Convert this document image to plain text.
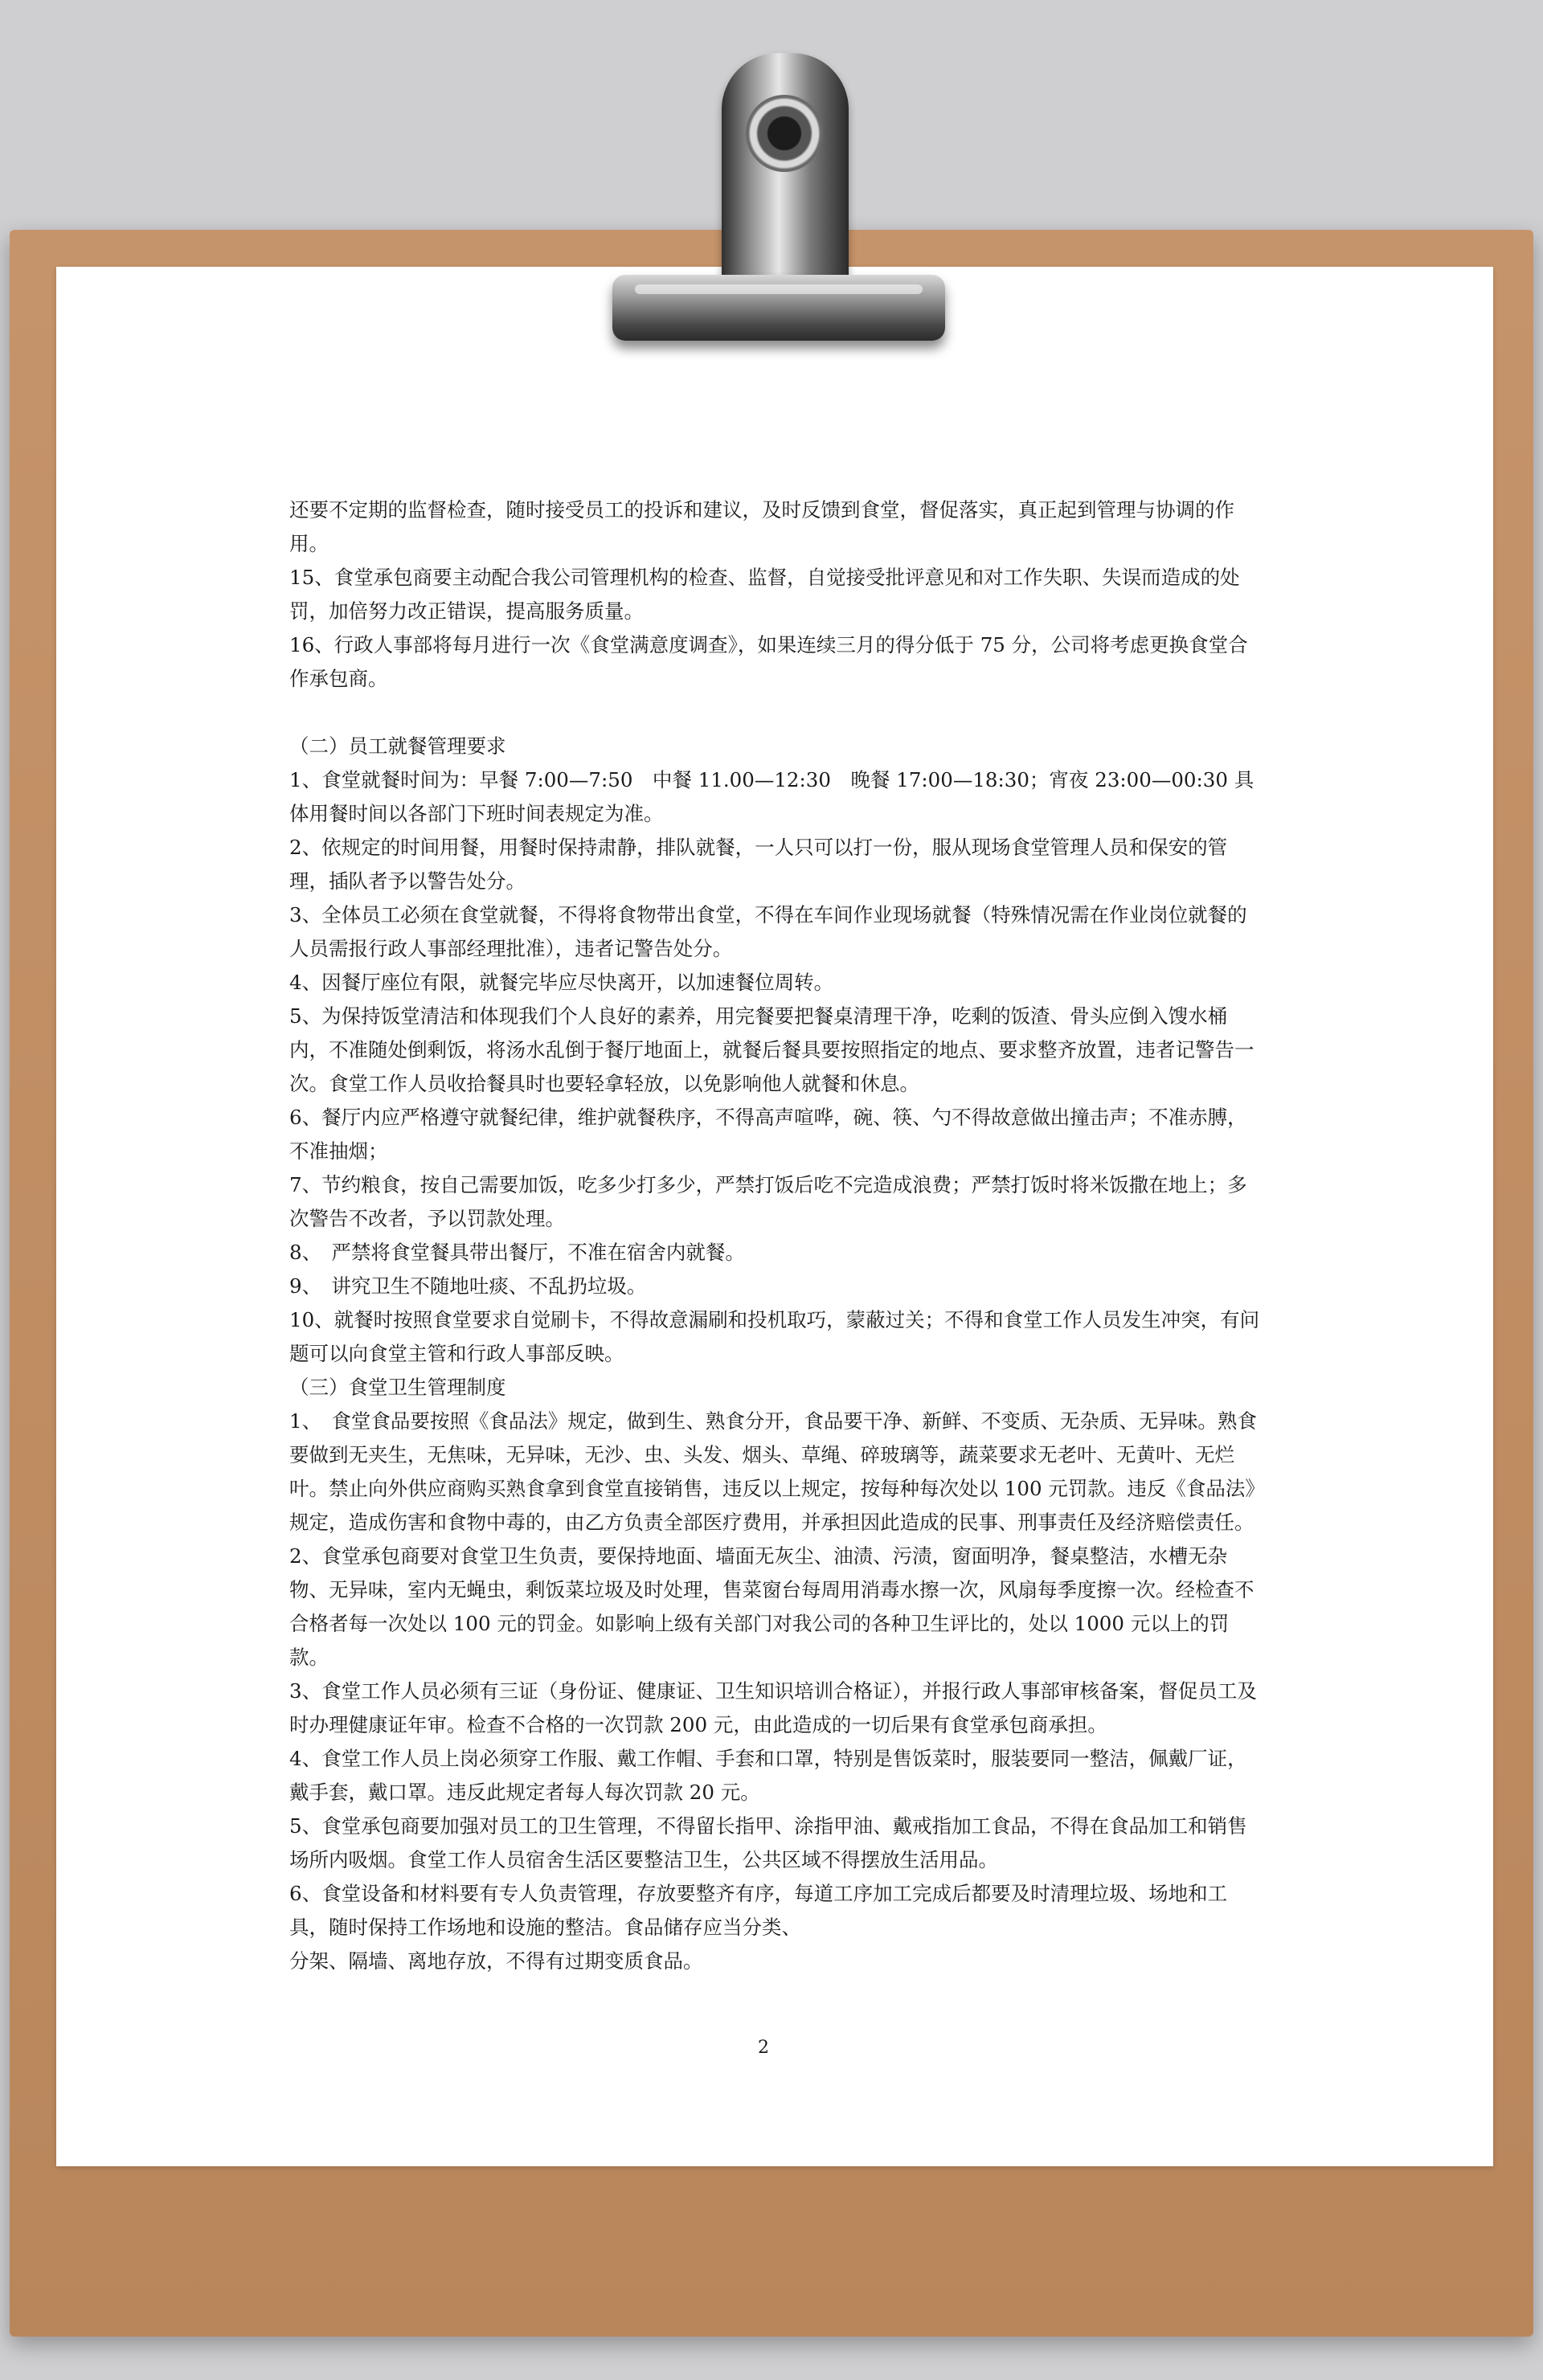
还要不定期的监督检查，随时接受员工的投诉和建议，及时反馈到食堂，督促落实，真正起到管理与协调的作用。

15、食堂承包商要主动配合我公司管理机构的检查、监督，自觉接受批评意见和对工作失职、失误而造成的处罚，加倍努力改正错误，提高服务质量。

16、行政人事部将每月进行一次《食堂满意度调查》，如果连续三月的得分低于 75 分，公司将考虑更换食堂合作承包商。

（二）员工就餐管理要求

1、食堂就餐时间为：早餐 7:00—7:50　中餐 11.00—12:30　晚餐 17:00—18:30；宵夜 23:00—00:30 具体用餐时间以各部门下班时间表规定为准。

2、依规定的时间用餐，用餐时保持肃静，排队就餐，一人只可以打一份，服从现场食堂管理人员和保安的管理，插队者予以警告处分。

3、全体员工必须在食堂就餐，不得将食物带出食堂，不得在车间作业现场就餐（特殊情况需在作业岗位就餐的人员需报行政人事部经理批准），违者记警告处分。

4、因餐厅座位有限，就餐完毕应尽快离开，以加速餐位周转。

5、为保持饭堂清洁和体现我们个人良好的素养，用完餐要把餐桌清理干净，吃剩的饭渣、骨头应倒入馊水桶内，不准随处倒剩饭，将汤水乱倒于餐厅地面上，就餐后餐具要按照指定的地点、要求整齐放置，违者记警告一次。食堂工作人员收拾餐具时也要轻拿轻放，以免影响他人就餐和休息。

6、餐厅内应严格遵守就餐纪律，维护就餐秩序，不得高声喧哗，碗、筷、勺不得故意做出撞击声；不准赤膊，不准抽烟；

7、节约粮食，按自己需要加饭，吃多少打多少，严禁打饭后吃不完造成浪费；严禁打饭时将米饭撒在地上；多次警告不改者，予以罚款处理。

8、　严禁将食堂餐具带出餐厅，不准在宿舍内就餐。

9、　讲究卫生不随地吐痰、不乱扔垃圾。

10、就餐时按照食堂要求自觉刷卡，不得故意漏刷和投机取巧，蒙蔽过关；不得和食堂工作人员发生冲突，有问题可以向食堂主管和行政人事部反映。

（三）食堂卫生管理制度

1、　食堂食品要按照《食品法》规定，做到生、熟食分开，食品要干净、新鲜、不变质、无杂质、无异味。熟食要做到无夹生，无焦味，无异味，无沙、虫、头发、烟头、草绳、碎玻璃等，蔬菜要求无老叶、无黄叶、无烂叶。禁止向外供应商购买熟食拿到食堂直接销售，违反以上规定，按每种每次处以 100 元罚款。违反《食品法》规定，造成伤害和食物中毒的，由乙方负责全部医疗费用，并承担因此造成的民事、刑事责任及经济赔偿责任。

2、食堂承包商要对食堂卫生负责，要保持地面、墙面无灰尘、油渍、污渍，窗面明净，餐桌整洁，水槽无杂物、无异味，室内无蝇虫，剩饭菜垃圾及时处理，售菜窗台每周用消毒水擦一次，风扇每季度擦一次。经检查不合格者每一次处以 100 元的罚金。如影响上级有关部门对我公司的各种卫生评比的，处以 1000 元以上的罚款。

3、食堂工作人员必须有三证（身份证、健康证、卫生知识培训合格证），并报行政人事部审核备案，督促员工及时办理健康证年审。检查不合格的一次罚款 200 元，由此造成的一切后果有食堂承包商承担。

4、食堂工作人员上岗必须穿工作服、戴工作帽、手套和口罩，特别是售饭菜时，服装要同一整洁，佩戴厂证，戴手套，戴口罩。违反此规定者每人每次罚款 20 元。

5、食堂承包商要加强对员工的卫生管理，不得留长指甲、涂指甲油、戴戒指加工食品，不得在食品加工和销售场所内吸烟。食堂工作人员宿舍生活区要整洁卫生，公共区域不得摆放生活用品。

6、食堂设备和材料要有专人负责管理，存放要整齐有序，每道工序加工完成后都要及时清理垃圾、场地和工具，随时保持工作场地和设施的整洁。食品储存应当分类、

分架、隔墙、离地存放，不得有过期变质食品。

2
